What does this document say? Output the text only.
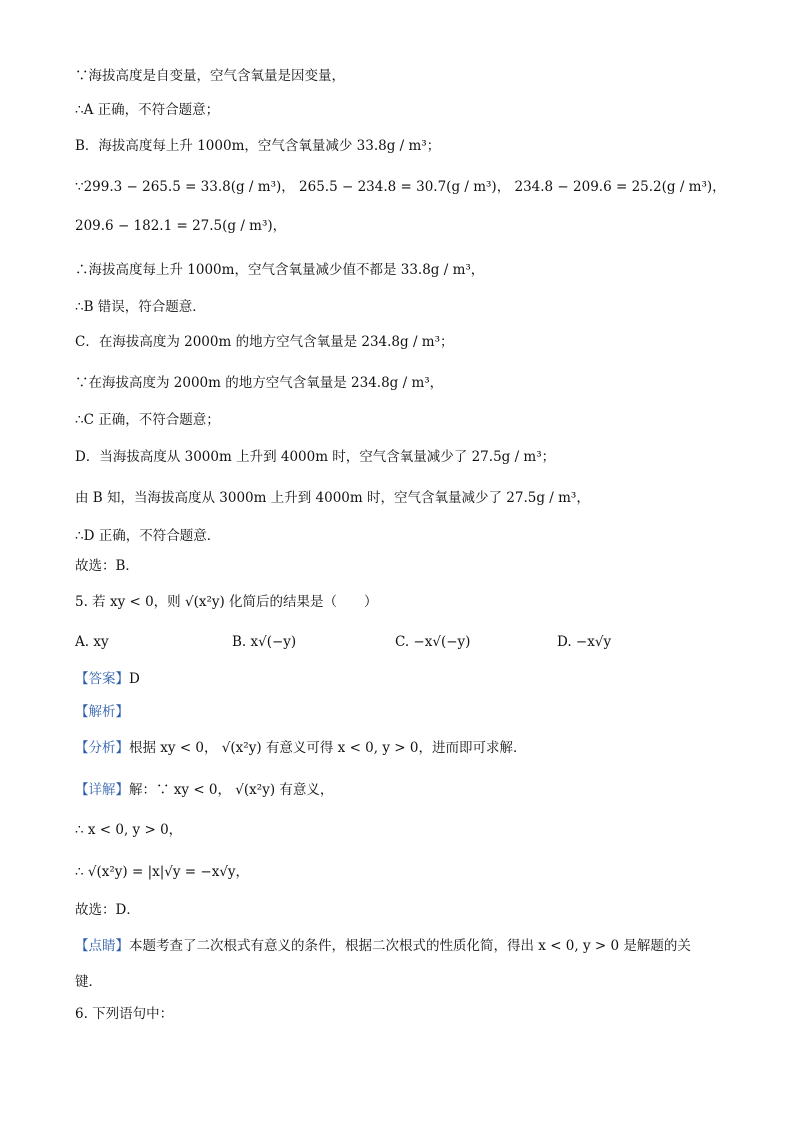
∵海拔高度是自变量，空气含氧量是因变量，
∴A 正确，不符合题意；
B．海拔高度每上升 1000m，空气含氧量减少 33.8g / m³；
∵299.3 − 265.5 = 33.8(g / m³)， 265.5 − 234.8 = 30.7(g / m³)， 234.8 − 209.6 = 25.2(g / m³)，
209.6 − 182.1 = 27.5(g / m³)，
∴海拔高度每上升 1000m，空气含氧量减少值不都是 33.8g / m³，
∴B 错误，符合题意．
C．在海拔高度为 2000m 的地方空气含氧量是 234.8g / m³；
∵在海拔高度为 2000m 的地方空气含氧量是 234.8g / m³，
∴C 正确，不符合题意；
D．当海拔高度从 3000m 上升到 4000m 时，空气含氧量减少了 27.5g / m³；
由 B 知，当海拔高度从 3000m 上升到 4000m 时，空气含氧量减少了 27.5g / m³，
∴D 正确，不符合题意．
故选：B．
5. 若 xy < 0，则 √(x²y) 化简后的结果是（　　）
A. xy	B. x√(−y)	C. −x√(−y)	D. −x√y
【答案】D
【解析】
【分析】根据 xy < 0， √(x²y) 有意义可得 x < 0, y > 0，进而即可求解．
【详解】解：∵ xy < 0， √(x²y) 有意义，
∴ x < 0, y > 0，
∴ √(x²y) = |x|√y = −x√y，
故选：D．
【点睛】本题考查了二次根式有意义的条件，根据二次根式的性质化简，得出 x < 0, y > 0 是解题的关
键．
6. 下列语句中：
